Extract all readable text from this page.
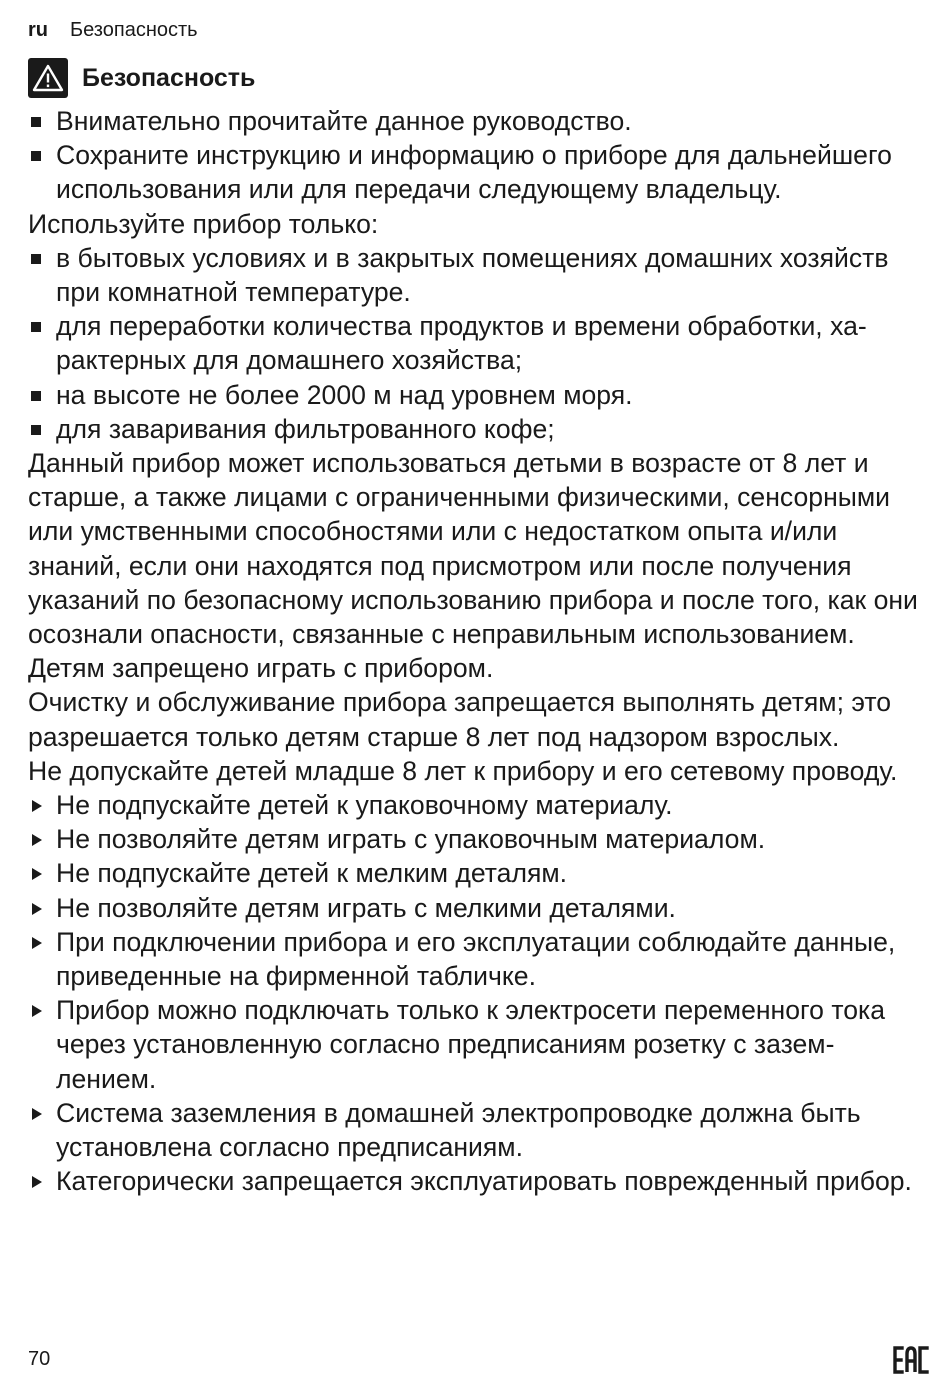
ru Безопасность
Безопасность
Внимательно прочитайте данное руководство.
Сохраните инструкцию и информацию о приборе для дальнейшего использования или для передачи следующему владельцу.

Используйте прибор только:

в бытовых условиях и в закрытых помещениях домашних хозяйств при комнатной температуре.
для переработки количества продуктов и времени обработки, характерных для домашнего хозяйства;
на высоте не более 2000 м над уровнем моря.
для заваривания фильтрованного кофе;

Данный прибор может использоваться детьми в возрасте от 8 лет и старше, а также лицами с ограниченными физическими, сенсорными или умственными способностями или с недостатком опыта и/или знаний, если они находятся под присмотром или после получения указаний по безопасному использованию прибора и после того, как они осознали опасности, связанные с неправильным использованием.

Детям запрещено играть с прибором.

Очистку и обслуживание прибора запрещается выполнять детям; это разрешается только детям старше 8 лет под надзором взрослых.

Не допускайте детей младше 8 лет к прибору и его сетевому проводу.

Не подпускайте детей к упаковочному материалу.
Не позволяйте детям играть с упаковочным материалом.
Не подпускайте детей к мелким деталям.
Не позволяйте детям играть с мелкими деталями.
При подключении прибора и его эксплуатации соблюдайте данные, приведенные на фирменной табличке.
Прибор можно подключать только к электросети переменного тока через установленную согласно предписаниям розетку с заземлением.
Система заземления в домашней электропроводке должна быть установлена согласно предписаниям.
Категорически запрещается эксплуатировать поврежденный прибор.
70
